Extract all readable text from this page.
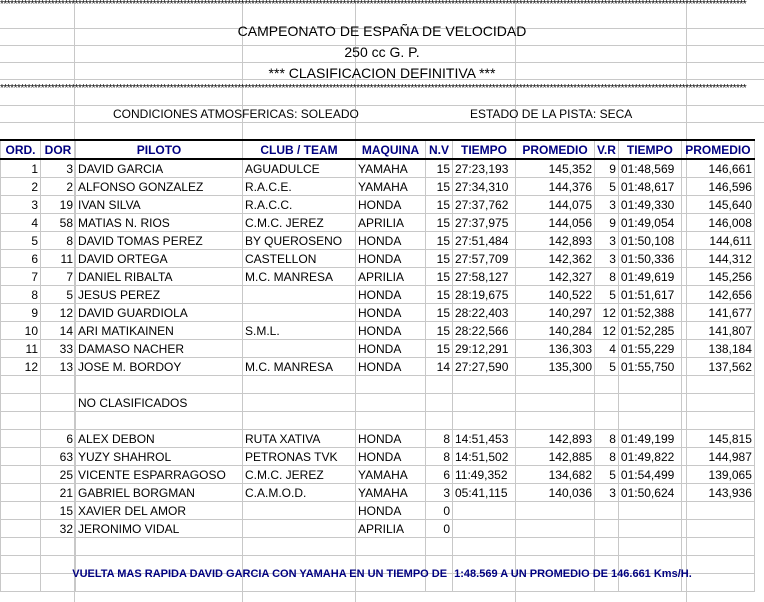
****************************************************************************************************************************************************************************************************************************
CAMPEONATO DE ESPAÑA DE VELOCIDAD
250 cc G. P.
*** CLASIFICACION DEFINITIVA ***
****************************************************************************************************************************************************************************************************************************
CONDICIONES ATMOSFERICAS: SOLEADO	ESTADO DE LA PISTA: SECA
ORD.	DOR	PILOTO	CLUB / TEAM	MAQUINA	N.V	TIEMPO	PROMEDIO	V.R	TIEMPO	PROMEDIO
1	3	DAVID GARCIA	AGUADULCE	YAMAHA	15	27:23,193	145,352	9	01:48,569	146,661
2	2	ALFONSO GONZALEZ	R.A.C.E.	YAMAHA	15	27:34,310	144,376	5	01:48,617	146,596
3	19	IVAN SILVA	R.A.C.C.	HONDA	15	27:37,762	144,075	3	01:49,330	145,640
4	58	MATIAS N. RIOS	C.M.C. JEREZ	APRILIA	15	27:37,975	144,056	9	01:49,054	146,008
5	8	DAVID TOMAS PEREZ	BY QUEROSENO	HONDA	15	27:51,484	142,893	3	01:50,108	144,611
6	11	DAVID ORTEGA	CASTELLON	HONDA	15	27:57,709	142,362	3	01:50,336	144,312
7	7	DANIEL RIBALTA	M.C. MANRESA	APRILIA	15	27:58,127	142,327	8	01:49,619	145,256
8	5	JESUS PEREZ		HONDA	15	28:19,675	140,522	5	01:51,617	142,656
9	12	DAVID GUARDIOLA		HONDA	15	28:22,403	140,297	12	01:52,388	141,677
10	14	ARI MATIKAINEN	S.M.L.	HONDA	15	28:22,566	140,284	12	01:52,285	141,807
11	33	DAMASO NACHER		HONDA	15	29:12,291	136,303	4	01:55,229	138,184
12	13	JOSE M. BORDOY	M.C. MANRESA	HONDA	14	27:27,590	135,300	5	01:55,750	137,562

		NO CLASIFICADOS								

	6	ALEX DEBON	RUTA XATIVA	HONDA	8	14:51,453	142,893	8	01:49,199	145,815
	63	YUZY SHAHROL	PETRONAS TVK	HONDA	8	14:51,502	142,885	8	01:49,822	144,987
	25	VICENTE ESPARRAGOSO	C.M.C. JEREZ	YAMAHA	6	11:49,352	134,682	5	01:54,499	139,065
	21	GABRIEL BORGMAN	C.A.M.O.D.	YAMAHA	3	05:41,115	140,036	3	01:50,624	143,936
	15	XAVIER DEL AMOR		HONDA	0					
	32	JERONIMO VIDAL		APRILIA	0					

VUELTA MAS RAPIDA DAVID GARCIA CON YAMAHA EN UN TIEMPO DE 1:48.569 A UN PROMEDIO DE 146.661 Kms/H.
